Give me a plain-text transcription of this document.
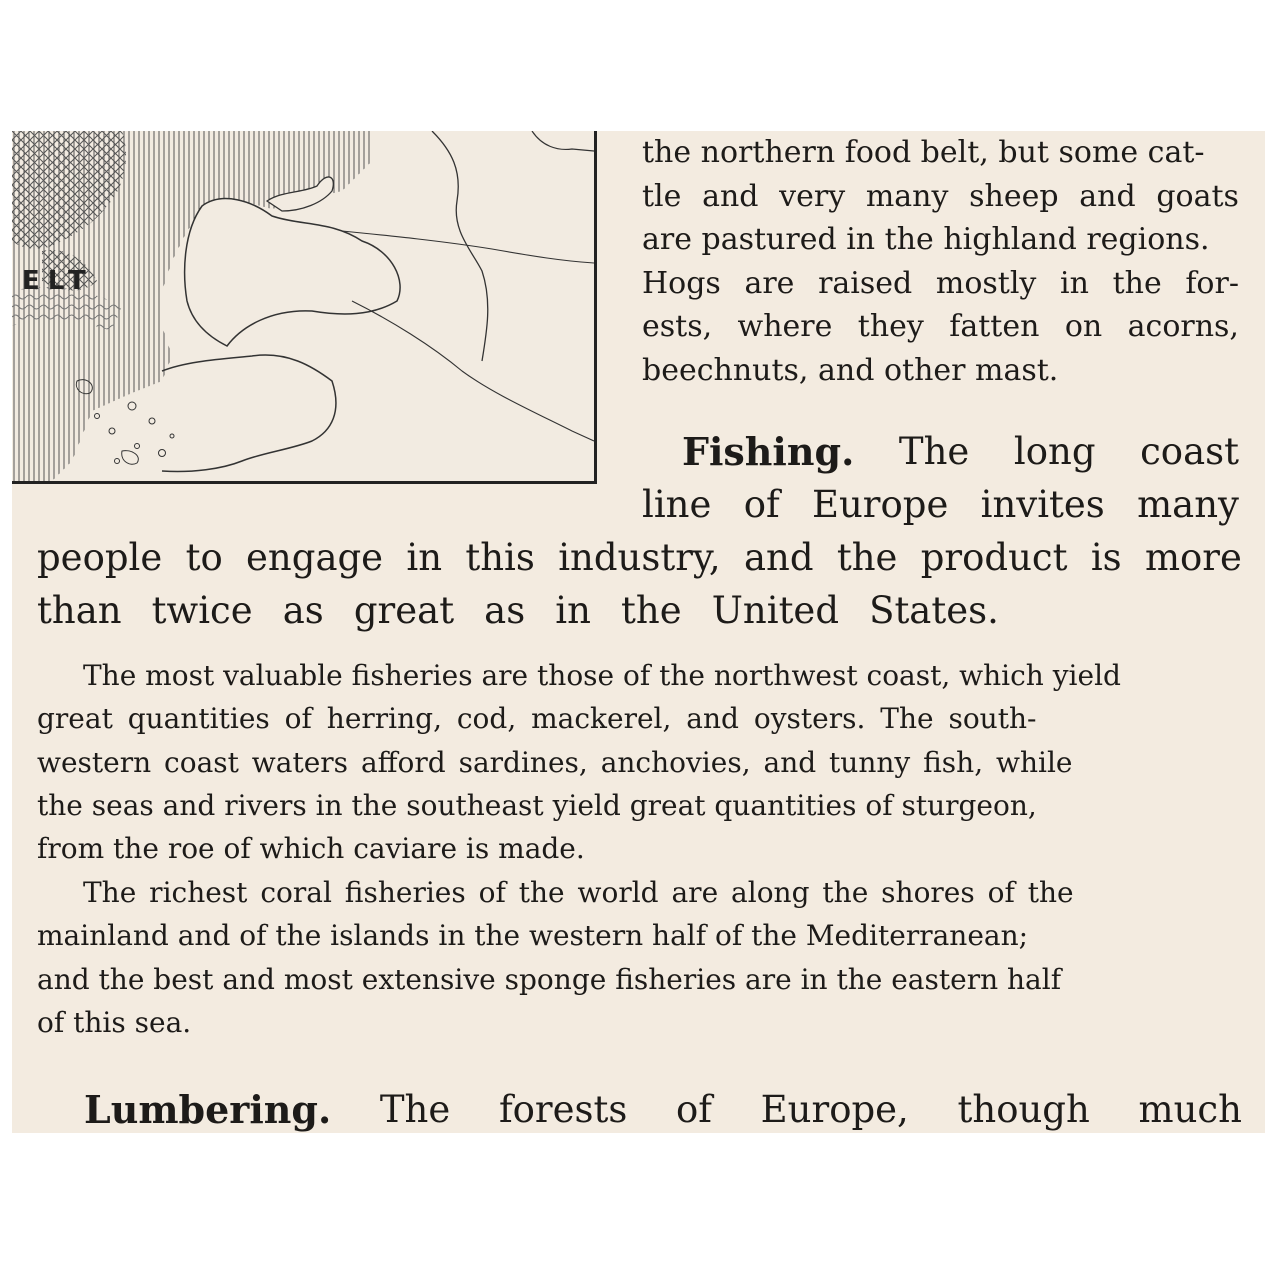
ELT
the northern food belt, but some cat-
tle and very many sheep and goats
are pastured in the highland regions.
Hogs are raised mostly in the for-
ests, where they fatten on acorns,
beechnuts, and other mast.
Fishing. The long coast
line of Europe invites many
people to engage in this industry, and the product is more
than twice as great as in the United States.
The most valuable fisheries are those of the northwest coast, which yield
great quantities of herring, cod, mackerel, and oysters. The south-
western coast waters afford sardines, anchovies, and tunny fish, while
the seas and rivers in the southeast yield great quantities of sturgeon,
from the roe of which caviare is made.
The richest coral fisheries of the world are along the shores of the
mainland and of the islands in the western half of the Mediterranean;
and the best and most extensive sponge fisheries are in the eastern half
of this sea.
Lumbering. The forests of Europe, though much
